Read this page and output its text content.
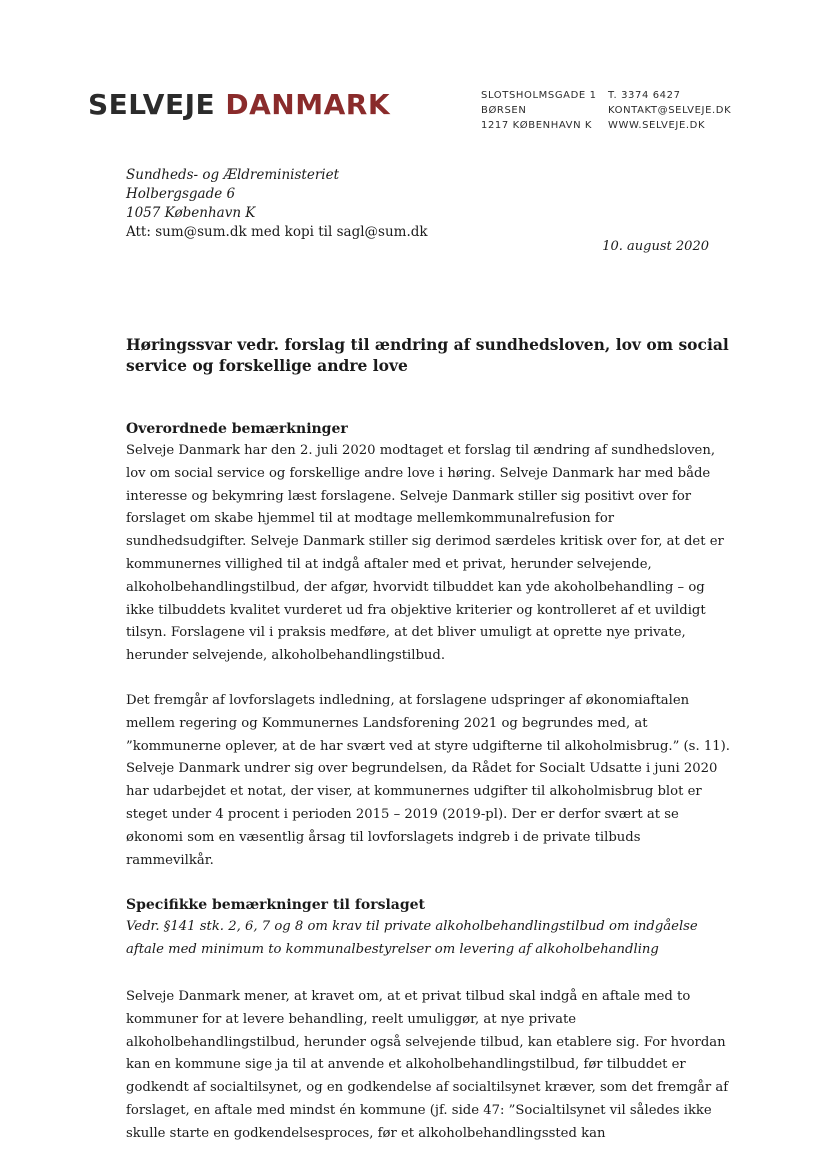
SELVEJE DANMARK	SLOTSHOLMSGADE 1
BØRSEN
1217 KØBENHAVN K
T. 3374 6427
KONTAKT@SELVEJE.DK
WWW.SELVEJE.DK
Sundheds- og Ældreministeriet
Holbergsgade 6
1057 København K
Att: sum@sum.dk med kopi til sagl@sum.dk
10. august 2020

Høringssvar vedr. forslag til ændring af sundhedsloven, lov om social service og forskellige andre love

Overordnede bemærkninger

Selveje Danmark har den 2. juli 2020 modtaget et forslag til ændring af sundhedsloven, lov om social service og forskellige andre love i høring. Selveje Danmark har med både interesse og bekymring læst forslagene. Selveje Danmark stiller sig positivt over for forslaget om skabe hjemmel til at modtage mellemkommunalrefusion for sundhedsudgifter. Selveje Danmark stiller sig derimod særdeles kritisk over for, at det er kommunernes villighed til at indgå aftaler med et privat, herunder selvejende, alkoholbehandlingstilbud, der afgør, hvorvidt tilbuddet kan yde akoholbehandling – og ikke tilbuddets kvalitet vurderet ud fra objektive kriterier og kontrolleret af et uvildigt tilsyn. Forslagene vil i praksis medføre, at det bliver umuligt at oprette nye private, herunder selvejende, alkoholbehandlingstilbud.

Det fremgår af lovforslagets indledning, at forslagene udspringer af økonomiaftalen mellem regering og Kommunernes Landsforening 2021 og begrundes med, at ”kommunerne oplever, at de har svært ved at styre udgifterne til alkoholmisbrug.” (s. 11). Selveje Danmark undrer sig over begrundelsen, da Rådet for Socialt Udsatte i juni 2020 har udarbejdet et notat, der viser, at kommunernes udgifter til alkoholmisbrug blot er steget under 4 procent i perioden 2015 – 2019 (2019-pl). Der er derfor svært at se økonomi som en væsentlig årsag til lovforslagets indgreb i de private tilbuds rammevilkår.

Specifikke bemærkninger til forslaget

Vedr. §141 stk. 2, 6, 7 og 8 om krav til private alkoholbehandlingstilbud om indgåelse aftale med minimum to kommunalbestyrelser om levering af alkoholbehandling

Selveje Danmark mener, at kravet om, at et privat tilbud skal indgå en aftale med to kommuner for at levere behandling, reelt umuliggør, at nye private alkoholbehandlingstilbud, herunder også selvejende tilbud, kan etablere sig. For hvordan kan en kommune sige ja til at anvende et alkoholbehandlingstilbud, før tilbuddet er godkendt af socialtilsynet, og en godkendelse af socialtilsynet kræver, som det fremgår af forslaget, en aftale med mindst én kommune (jf. side 47: ”Socialtilsynet vil således ikke skulle starte en godkendelsesproces, før et alkoholbehandlingssted kan
